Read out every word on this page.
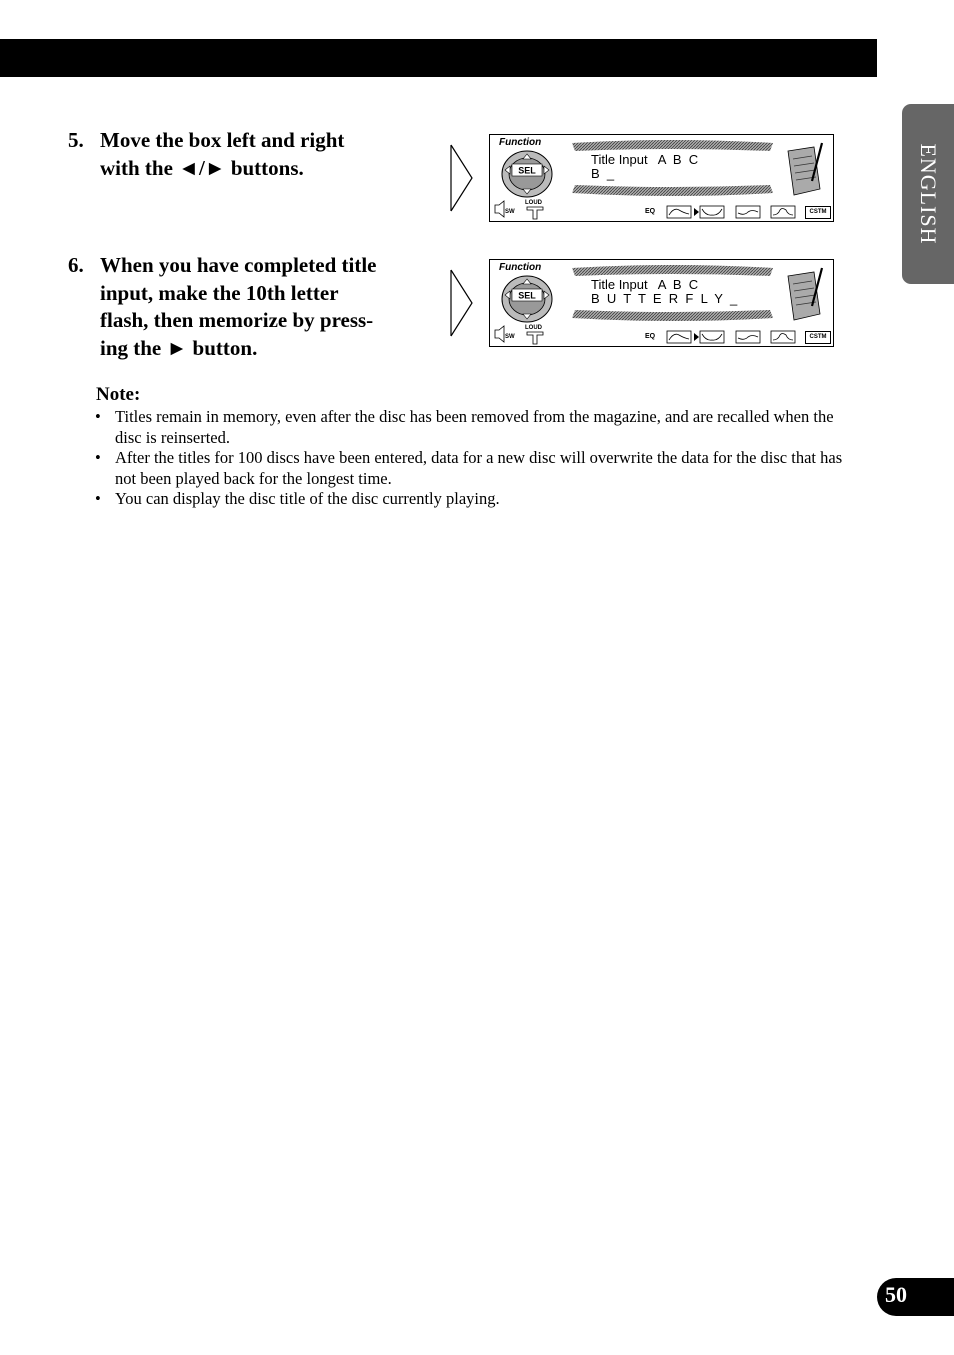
ENGLISH
5. Move the box left and right
with the ◄/► buttons.
6. When you have completed title
input, make the 10th letter
flash, then memorize by press-
ing the ► button.
Function
SEL
Title Input   A  B  C
B  _
SW
LOUD
EQ	CSTM
Function
SEL
Title Input   A  B  C
B  U  T  T  E  R  F  L  Y  _
SW
LOUD
EQ	CSTM
Note:
• Titles remain in memory, even after the disc has been removed from the magazine, and are recalled when the disc is reinserted.
• After the titles for 100 discs have been entered, data for a new disc will overwrite the data for the disc that has not been played back for the longest time.
• You can display the disc title of the disc currently playing.
50
